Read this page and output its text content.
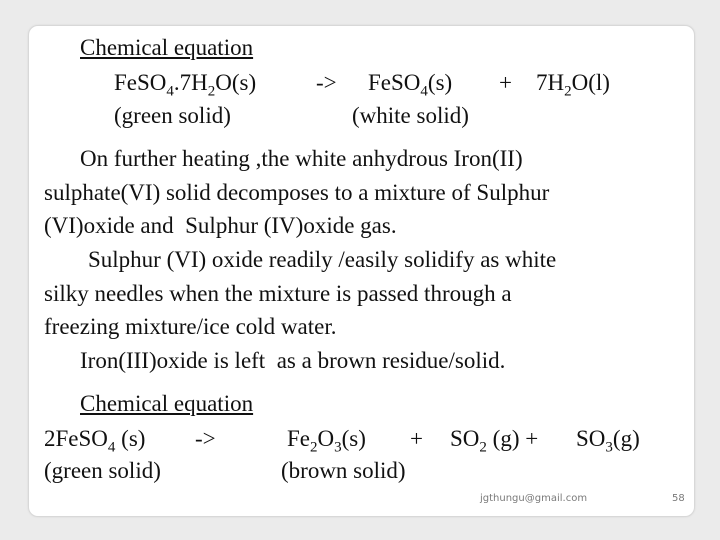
Chemical equation
$FeSO_4.7H_2O(s)$	-> FeSO$_4$(s) + $7H_2O(l)$
(green solid)	(white solid)
On further heating ,the white anhydrous Iron(II)
sulphate(VI) solid decomposes to a mixture of Sulphur
(VI)oxide and  Sulphur (IV)oxide gas.
Sulphur (VI) oxide readily /easily solidify as white
silky needles when the mixture is passed through a
freezing mixture/ice cold water.
Iron(III)oxide is left  as a brown residue/solid.
Chemical equation
2FeSO$_4$ (s) ->	$Fe_2O_3(s) + SO_2$ $(g) + SO_3(g)$
(green solid)	(brown solid)
jgthungu@gmail.com	58
